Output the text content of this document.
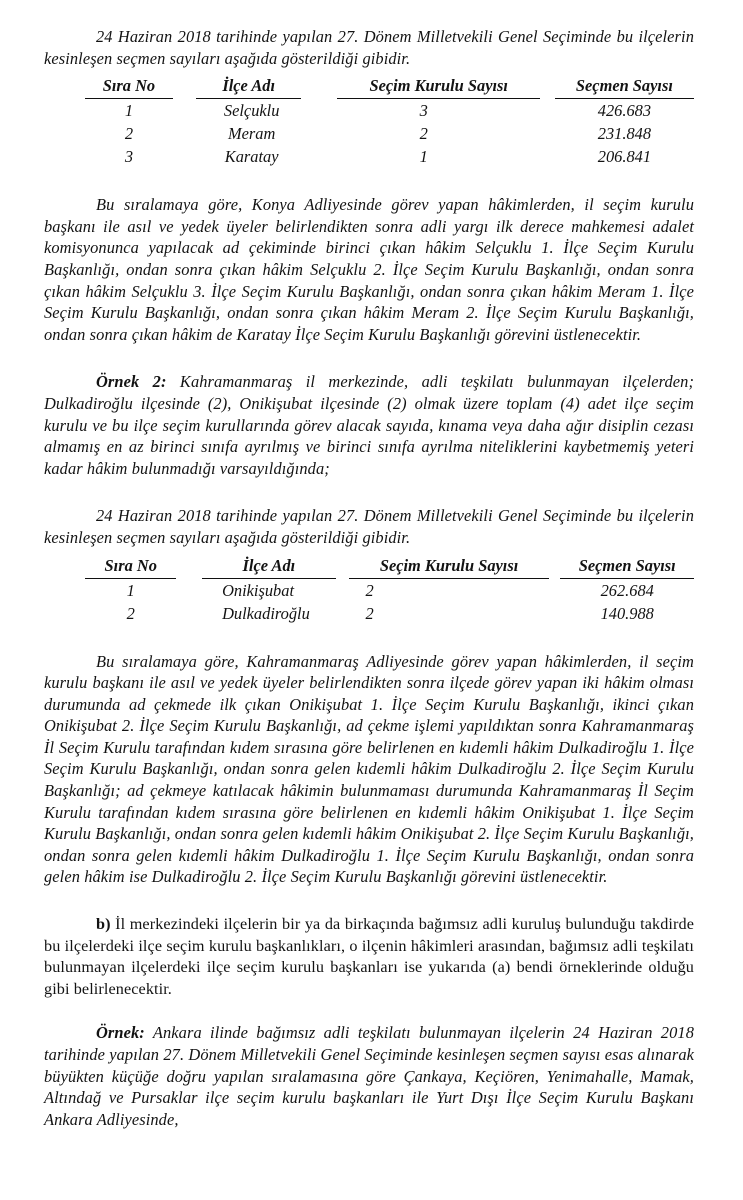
24 Haziran 2018 tarihinde yapılan 27. Dönem Milletvekili Genel Seçiminde bu ilçelerin kesinleşen seçmen sayıları aşağıda gösterildiği gibidir.

Sıra No		İlçe Adı		Seçim Kurulu Sayısı		Seçmen Sayısı
1		Selçuklu		3		426.683
2		Meram		2		231.848
3		Karatay		1		206.841

Bu sıralamaya göre, Konya Adliyesinde görev yapan hâkimlerden, il seçim kurulu başkanı ile asıl ve yedek üyeler belirlendikten sonra adli yargı ilk derece mahkemesi adalet komisyonunca yapılacak ad çekiminde birinci çıkan hâkim Selçuklu 1. İlçe Seçim Kurulu Başkanlığı, ondan sonra çıkan hâkim Selçuklu 2. İlçe Seçim Kurulu Başkanlığı, ondan sonra çıkan hâkim Selçuklu 3. İlçe Seçim Kurulu Başkanlığı, ondan sonra çıkan hâkim Meram 1. İlçe Seçim Kurulu Başkanlığı, ondan sonra çıkan hâkim Meram 2. İlçe Seçim Kurulu Başkanlığı, ondan sonra çıkan hâkim de Karatay İlçe Seçim Kurulu Başkanlığı görevini üstlenecektir.

Örnek 2: Kahramanmaraş il merkezinde, adli teşkilatı bulunmayan ilçelerden; Dulkadiroğlu ilçesinde (2), Onikişubat ilçesinde (2) olmak üzere toplam (4) adet ilçe seçim kurulu ve bu ilçe seçim kurullarında görev alacak sayıda, kınama veya daha ağır disiplin cezası almamış en az birinci sınıfa ayrılmış ve birinci sınıfa ayrılma niteliklerini kaybetmemiş yeteri kadar hâkim bulunmadığı varsayıldığında;

24 Haziran 2018 tarihinde yapılan 27. Dönem Milletvekili Genel Seçiminde bu ilçelerin kesinleşen seçmen sayıları aşağıda gösterildiği gibidir.

Sıra No		İlçe Adı		Seçim Kurulu Sayısı		Seçmen Sayısı
1		Onikişubat		2		262.684
2		Dulkadiroğlu		2		140.988

Bu sıralamaya göre, Kahramanmaraş Adliyesinde görev yapan hâkimlerden, il seçim kurulu başkanı ile asıl ve yedek üyeler belirlendikten sonra ilçede görev yapan iki hâkim olması durumunda ad çekmede ilk çıkan Onikişubat 1. İlçe Seçim Kurulu Başkanlığı, ikinci çıkan Onikişubat 2. İlçe Seçim Kurulu Başkanlığı, ad çekme işlemi yapıldıktan sonra Kahramanmaraş İl Seçim Kurulu tarafından kıdem sırasına göre belirlenen en kıdemli hâkim Dulkadiroğlu 1. İlçe Seçim Kurulu Başkanlığı, ondan sonra gelen kıdemli hâkim Dulkadiroğlu 2. İlçe Seçim Kurulu Başkanlığı; ad çekmeye katılacak hâkimin bulunmaması durumunda Kahramanmaraş İl Seçim Kurulu tarafından kıdem sırasına göre belirlenen en kıdemli hâkim Onikişubat 1. İlçe Seçim Kurulu Başkanlığı, ondan sonra gelen kıdemli hâkim Onikişubat 2. İlçe Seçim Kurulu Başkanlığı, ondan sonra gelen kıdemli hâkim Dulkadiroğlu 1. İlçe Seçim Kurulu Başkanlığı, ondan sonra gelen hâkim ise Dulkadiroğlu 2. İlçe Seçim Kurulu Başkanlığı görevini üstlenecektir.

b) İl merkezindeki ilçelerin bir ya da birkaçında bağımsız adli kuruluş bulunduğu takdirde bu ilçelerdeki ilçe seçim kurulu başkanlıkları, o ilçenin hâkimleri arasından, bağımsız adli teşkilatı bulunmayan ilçelerdeki ilçe seçim kurulu başkanları ise yukarıda (a) bendi örneklerinde olduğu gibi belirlenecektir.

Örnek: Ankara ilinde bağımsız adli teşkilatı bulunmayan ilçelerin 24 Haziran 2018 tarihinde yapılan 27. Dönem Milletvekili Genel Seçiminde kesinleşen seçmen sayısı esas alınarak büyükten küçüğe doğru yapılan sıralamasına göre Çankaya, Keçiören, Yenimahalle, Mamak, Altındağ ve Pursaklar ilçe seçim kurulu başkanları ile Yurt Dışı İlçe Seçim Kurulu Başkanı Ankara Adliyesinde,
